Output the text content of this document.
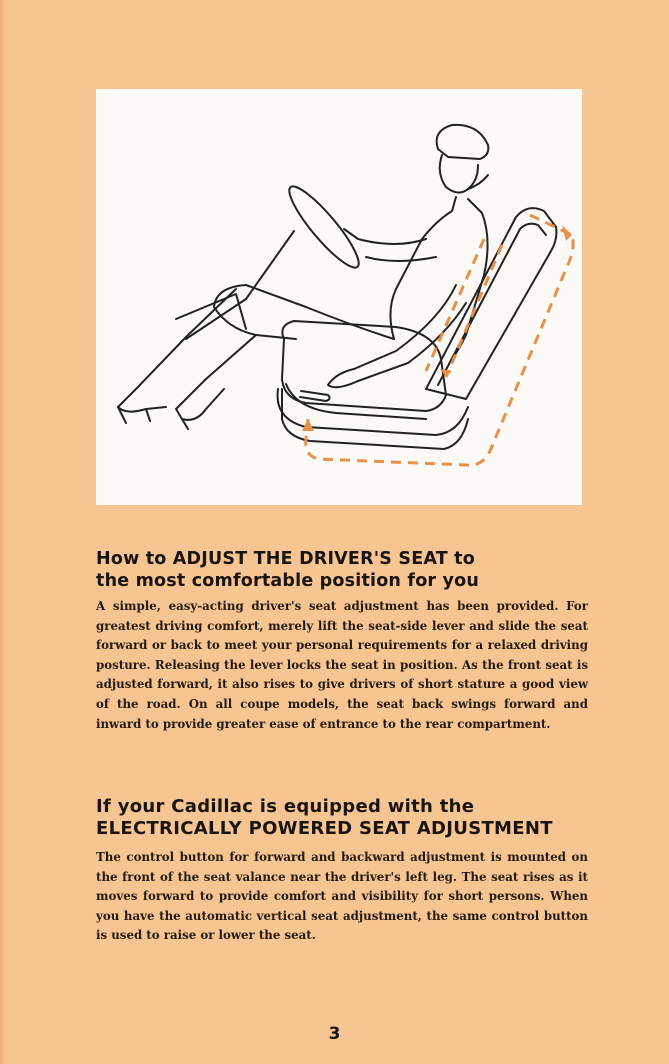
How to ADJUST THE DRIVER'S SEAT to
the most comfortable position for you

A simple, easy-acting driver's seat adjustment has been provided. For greatest driving comfort, merely lift the seat-side lever and slide the seat forward or back to meet your personal requirements for a relaxed driving posture. Releasing the lever locks the seat in position. As the front seat is adjusted forward, it also rises to give drivers of short stature a good view of the road. On all coupe models, the seat back swings forward and inward to provide greater ease of entrance to the rear compartment.

If your Cadillac is equipped with the
ELECTRICALLY POWERED SEAT ADJUSTMENT

The control button for forward and backward adjustment is mounted on the front of the seat valance near the driver's left leg. The seat rises as it moves forward to provide comfort and visibility for short persons. When you have the automatic vertical seat adjustment, the same control button is used to raise or lower the seat.

3
